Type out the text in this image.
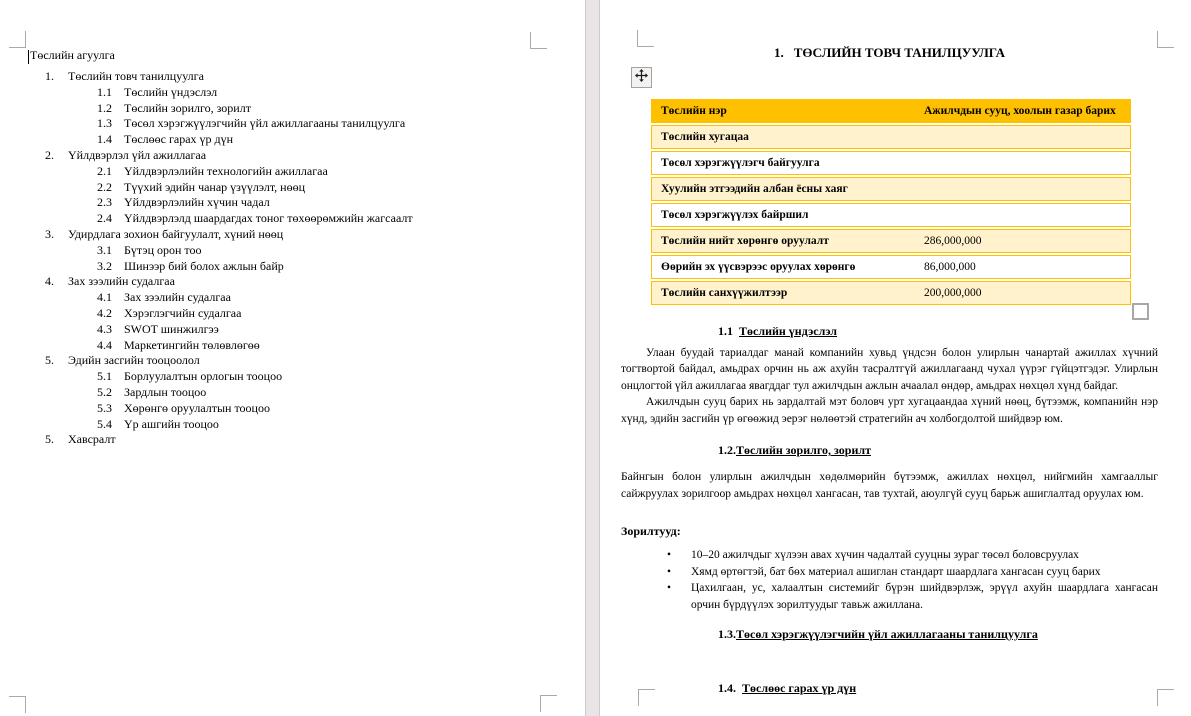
Төслийн агуулга
1. Төслийн товч танилцуулга
1.1 Төслийн үндэслэл
1.2 Төслийн зорилго, зорилт
1.3 Төсөл хэрэгжүүлэгчийн үйл ажиллагааны танилцуулга
1.4 Төслөөс гарах үр дүн
2. Үйлдвэрлэл үйл ажиллагаа
2.1 Үйлдвэрлэлийн технологийн ажиллагаа
2.2 Түүхий эдийн чанар үзүүлэлт, нөөц
2.3 Үйлдвэрлэлийн хүчин чадал
2.4 Үйлдвэрлэлд шаардагдах тоног төхөөрөмжийн жагсаалт
3. Удирдлага зохион байгуулалт, хүний нөөц
3.1 Бүтэц орон тоо
3.2 Шинээр бий болох ажлын байр
4. Зах зээлийн судалгаа
4.1 Зах зээлийн судалгаа
4.2 Хэрэглэгчийн судалгаа
4.3 SWOT шинжилгээ
4.4 Маркетингийн төлөвлөгөө
5. Эдийн засгийн тооцоолол
5.1 Борлуулалтын орлогын тооцоо
5.2 Зардлын тооцоо
5.3 Хөрөнгө оруулалтын тооцоо
5.4 Үр ашгийн тооцоо
5. Хавсралт
1. ТӨСЛИЙН ТОВЧ ТАНИЛЦУУЛГА
Төслийн нэр	Ажилчдын сууц, хоолын газар барих
Төслийн хугацаа	
Төсөл хэрэгжүүлэгч байгуулга	
Хуулийн этгээдийн албан ёсны хаяг	
Төсөл хэрэгжүүлэх байршил	
Төслийн нийт хөрөнгө оруулалт	286,000,000
Өөрийн эх үүсвэрээс оруулах хөрөнгө	86,000,000
Төслийн санхүүжилтээр	200,000,000
1.1 Төслийн үндэслэл

Улаан буудай тариалдаг манай компанийн хувьд үндсэн болон улирлын чанартай ажиллах хүчний тогтвортой байдал, амьдрах орчин нь аж ахуйн тасралтгүй ажиллагаанд чухал үүрэг гүйцэтгэдэг. Улирлын онцлогтой үйл ажиллагаа явагддаг тул ажилчдын ажлын ачаалал өндөр, амьдрах нөхцөл хүнд байдаг.

Ажилчдын сууц барих нь зардалтай мэт боловч урт хугацаандаа хүний нөөц, бүтээмж, компанийн нэр хүнд, эдийн засгийн үр өгөөжид эерэг нөлөөтэй стратегийн ач холбогдолтой шийдвэр юм.

1.2.Төслийн зорилго, зорилт

Байнгын болон улирлын ажилчдын хөдөлмөрийн бүтээмж, ажиллах нөхцөл, нийгмийн хамгааллыг сайжруулах зорилгоор амьдрах нөхцөл хангасан, тав тухтай, аюулгүй сууц барьж ашиглалтад оруулах юм.

Зорилтууд:

• 10–20 ажилчдыг хүлээн авах хүчин чадалтай сууцны зураг төсөл боловсруулах

• Хямд өртөгтэй, бат бөх материал ашиглан стандарт шаардлага хангасан сууц барих

• Цахилгаан, ус, халаалтын системийг бүрэн шийдвэрлэж, эрүүл ахуйн шаардлага хангасан орчин бүрдүүлэх зорилтуудыг тавьж ажиллана.

1.3.Төсөл хэрэгжүүлэгчийн үйл ажиллагааны танилцуулга
1.4. Төслөөс гарах үр дүн
